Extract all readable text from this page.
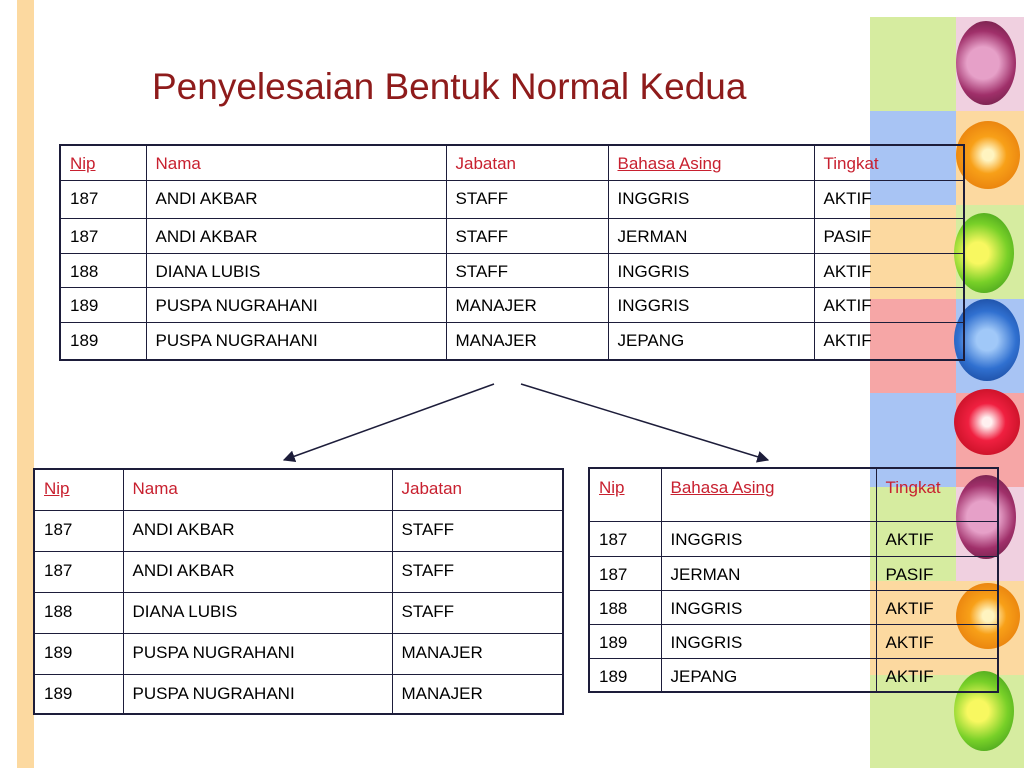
Penyelesaian Bentuk Normal Kedua
Nip	Nama	Jabatan	Bahasa Asing	Tingkat
187	ANDI AKBAR	STAFF	INGGRIS	AKTIF
187	ANDI AKBAR	STAFF	JERMAN	PASIF
188	DIANA LUBIS	STAFF	INGGRIS	AKTIF
189	PUSPA NUGRAHANI	MANAJER	INGGRIS	AKTIF
189	PUSPA NUGRAHANI	MANAJER	JEPANG	AKTIF
Nip	Nama	Jabatan
187	ANDI AKBAR	STAFF
187	ANDI AKBAR	STAFF
188	DIANA LUBIS	STAFF
189	PUSPA NUGRAHANI	MANAJER
189	PUSPA NUGRAHANI	MANAJER
Nip	Bahasa Asing	Tingkat
187	INGGRIS	AKTIF
187	JERMAN	PASIF
188	INGGRIS	AKTIF
189	INGGRIS	AKTIF
189	JEPANG	AKTIF
